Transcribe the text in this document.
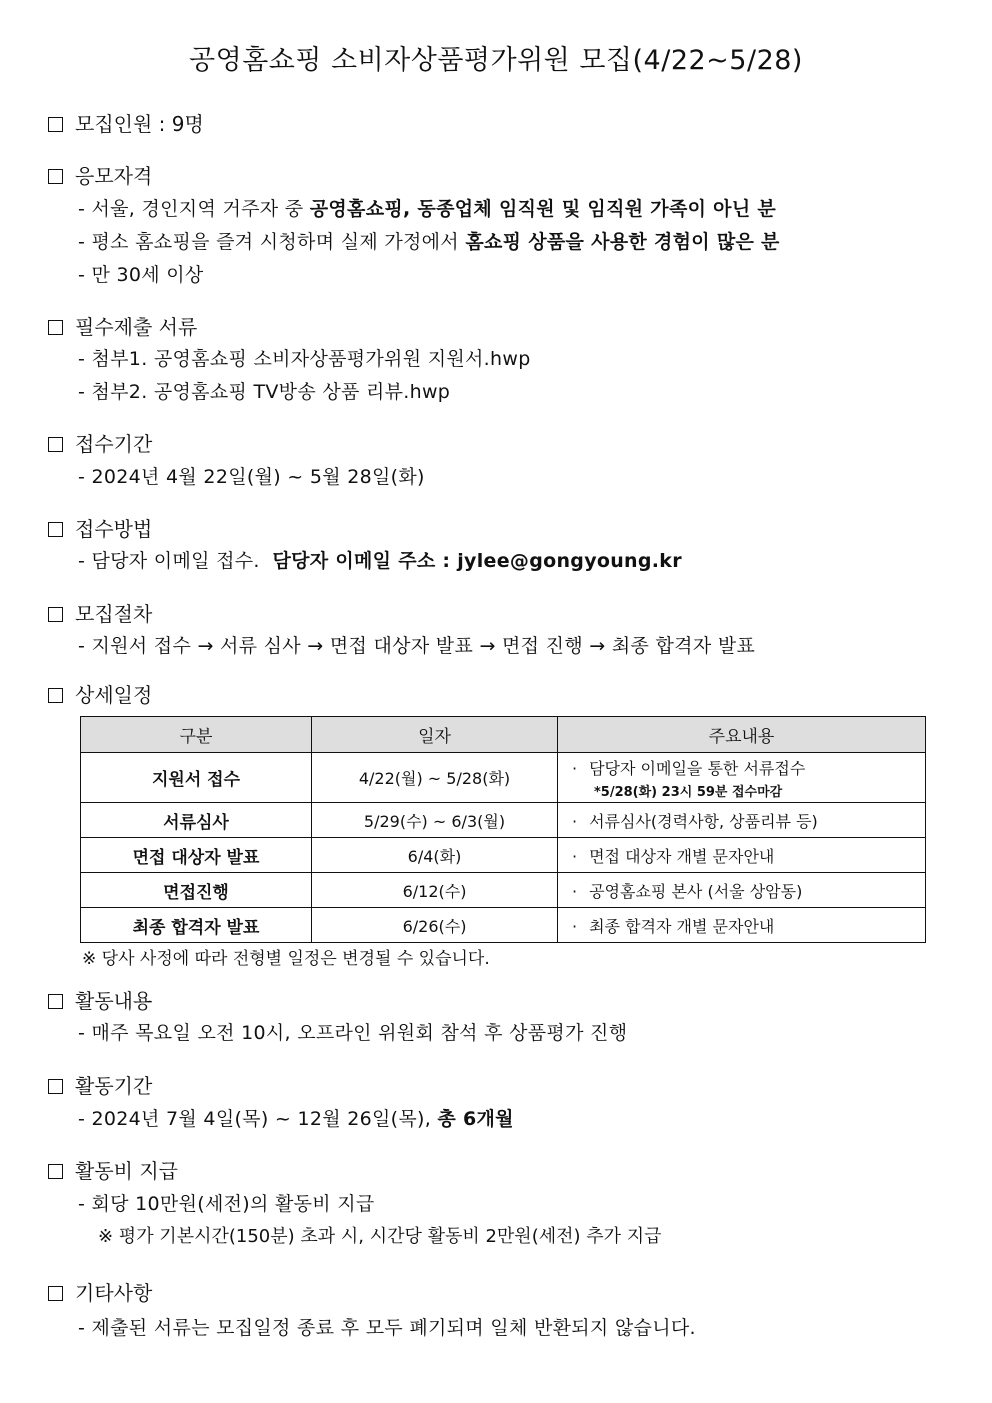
공영홈쇼핑 소비자상품평가위원 모집(4/22~5/28)
모집인원 : 9명
응모자격
- 서울, 경인지역 거주자 중 공영홈쇼핑, 동종업체 임직원 및 임직원 가족이 아닌 분
- 평소 홈쇼핑을 즐겨 시청하며 실제 가정에서 홈쇼핑 상품을 사용한 경험이 많은 분
- 만 30세 이상
필수제출 서류
- 첨부1. 공영홈쇼핑 소비자상품평가위원 지원서.hwp
- 첨부2. 공영홈쇼핑 TV방송 상품 리뷰.hwp
접수기간
- 2024년 4월 22일(월) ~ 5월 28일(화)
접수방법
- 담당자 이메일 접수.  담당자 이메일 주소 : jylee@gongyoung.kr
모집절차
- 지원서 접수 → 서류 심사 → 면접 대상자 발표 → 면접 진행 → 최종 합격자 발표
상세일정
구분	일자	주요내용
지원서 접수	4/22(월) ~ 5/28(화)	· 담당자 이메일을 통한 서류접수
*5/28(화) 23시 59분 접수마감

서류심사	5/29(수) ~ 6/3(월)	· 서류심사(경력사항, 상품리뷰 등)
면접 대상자 발표	6/4(화)	· 면접 대상자 개별 문자안내
면접진행	6/12(수)	· 공영홈쇼핑 본사 (서울 상암동)
최종 합격자 발표	6/26(수)	· 최종 합격자 개별 문자안내
※ 당사 사정에 따라 전형별 일정은 변경될 수 있습니다.
활동내용
- 매주 목요일 오전 10시, 오프라인 위원회 참석 후 상품평가 진행
활동기간
- 2024년 7월 4일(목) ~ 12월 26일(목), 총 6개월
활동비 지급
- 회당 10만원(세전)의 활동비 지급
※ 평가 기본시간(150분) 초과 시, 시간당 활동비 2만원(세전) 추가 지급
기타사항
- 제출된 서류는 모집일정 종료 후 모두 폐기되며 일체 반환되지 않습니다.
